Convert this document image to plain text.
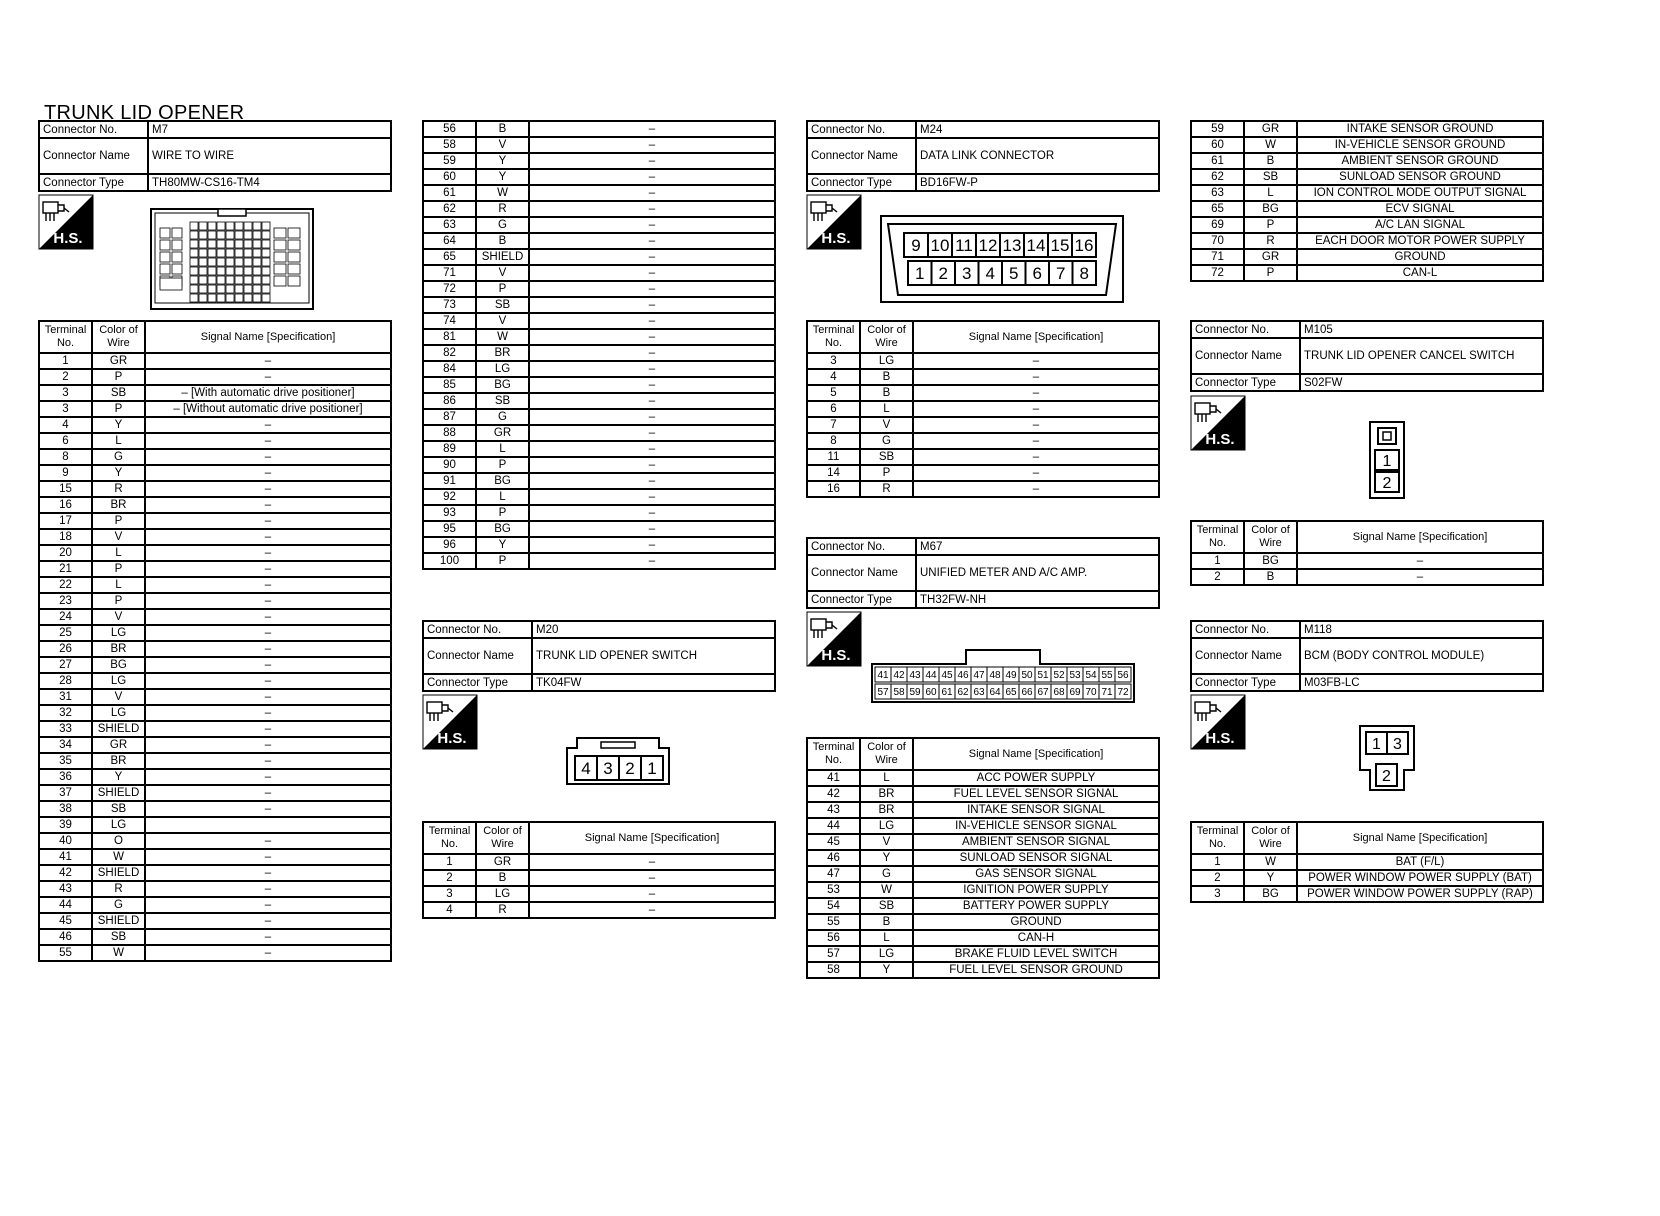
TRUNK LID OPENER
Connector No.	M7
Connector Name	WIRE TO WIRE
Connector Type	TH80MW-CS16-TM4
H.S.
Terminal No.	Color of Wire	Signal Name [Specification]
1	GR	–
2	P	–
3	SB	– [With automatic drive positioner]
3	P	– [Without automatic drive positioner]
4	Y	–
6	L	–
8	G	–
9	Y	–
15	R	–
16	BR	–
17	P	–
18	V	–
20	L	–
21	P	–
22	L	–
23	P	–
24	V	–
25	LG	–
26	BR	–
27	BG	–
28	LG	–
31	V	–
32	LG	–
33	SHIELD	–
34	GR	–
35	BR	–
36	Y	–
37	SHIELD	–
38	SB	–
39	LG	
40	O	–
41	W	–
42	SHIELD	–
43	R	–
44	G	–
45	SHIELD	–
46	SB	–
55	W	–
56	B	–
58	V	–
59	Y	–
60	Y	–
61	W	–
62	R	–
63	G	–
64	B	–
65	SHIELD	–
71	V	–
72	P	–
73	SB	–
74	V	–
81	W	–
82	BR	–
84	LG	–
85	BG	–
86	SB	–
87	G	–
88	GR	–
89	L	–
90	P	–
91	BG	–
92	L	–
93	P	–
95	BG	–
96	Y	–
100	P	–
Connector No.	M20
Connector Name	TRUNK LID OPENER SWITCH
Connector Type	TK04FW
H.S.
4 3 2 1
Terminal No.	Color of Wire	Signal Name [Specification]
1	GR	–
2	B	–
3	LG	–
4	R	–
Connector No.	M24
Connector Name	DATA LINK CONNECTOR
Connector Type	BD16FW-P
H.S.	9 10 11 12 13 14 15 16
1 2 3 4 5 6 7 8
Terminal No.	Color of Wire	Signal Name [Specification]
3	LG	–
4	B	–
5	B	–
6	L	–
7	V	–
8	G	–
11	SB	–
14	P	–
16	R	–
Connector No.	M67
Connector Name	UNIFIED METER AND A/C AMP.
Connector Type	TH32FW-NH
H.S.
41 42 43 44 45 46 47 48 49 50 51 52 53 54 55 56
57 58 59 60 61 62 63 64 65 66 67 68 69 70 71 72
Terminal No.	Color of Wire	Signal Name [Specification]
41	L	ACC POWER SUPPLY
42	BR	FUEL LEVEL SENSOR SIGNAL
43	BR	INTAKE SENSOR SIGNAL
44	LG	IN-VEHICLE SENSOR SIGNAL
45	V	AMBIENT SENSOR SIGNAL
46	Y	SUNLOAD SENSOR SIGNAL
47	G	GAS SENSOR SIGNAL
53	W	IGNITION POWER SUPPLY
54	SB	BATTERY POWER SUPPLY
55	B	GROUND
56	L	CAN-H
57	LG	BRAKE FLUID LEVEL SWITCH
58	Y	FUEL LEVEL SENSOR GROUND
59	GR	INTAKE SENSOR GROUND
60	W	IN-VEHICLE SENSOR GROUND
61	B	AMBIENT SENSOR GROUND
62	SB	SUNLOAD SENSOR GROUND
63	L	ION CONTROL MODE OUTPUT SIGNAL
65	BG	ECV SIGNAL
69	P	A/C LAN SIGNAL
70	R	EACH DOOR MOTOR POWER SUPPLY
71	GR	GROUND
72	P	CAN-L
Connector No.	M105
Connector Name	TRUNK LID OPENER CANCEL SWITCH
Connector Type	S02FW
H.S.
1
2
Terminal No.	Color of Wire	Signal Name [Specification]
1	BG	–
2	B	–
Connector No.	M118
Connector Name	BCM (BODY CONTROL MODULE)
Connector Type	M03FB-LC
H.S.	1 3
2
Terminal No.	Color of Wire	Signal Name [Specification]
1	W	BAT (F/L)
2	Y	POWER WINDOW POWER SUPPLY (BAT)
3	BG	POWER WINDOW POWER SUPPLY (RAP)
